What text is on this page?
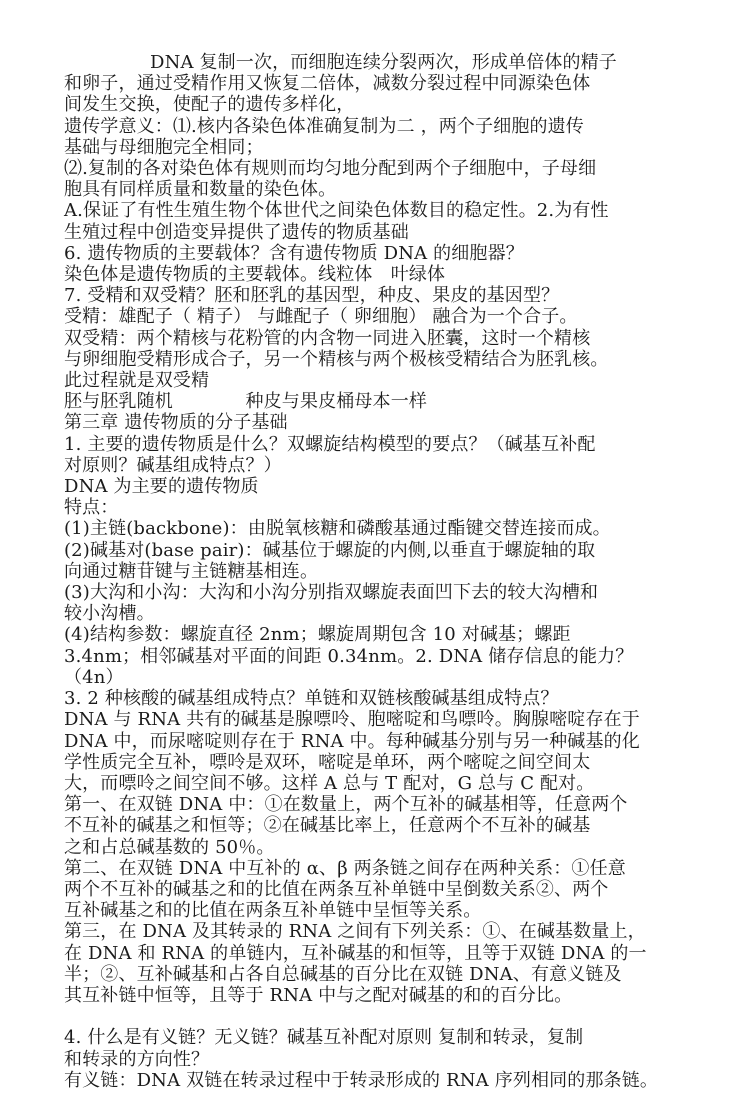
DNA 复制一次，而细胞连续分裂两次，形成单倍体的精子
和卵子，通过受精作用又恢复二倍体，减数分裂过程中同源染色体
间发生交换，使配子的遗传多样化，
遗传学意义：⑴.核内各染色体准确复制为二 ，两个子细胞的遗传
基础与母细胞完全相同；
⑵.复制的各对染色体有规则而均匀地分配到两个子细胞中，子母细
胞具有同样质量和数量的染色体。
A.保证了有性生殖生物个体世代之间染色体数目的稳定性。2.为有性
生殖过程中创造变异提供了遗传的物质基础
6. 遗传物质的主要载体？含有遗传物质 DNA 的细胞器？
染色体是遗传物质的主要载体。线粒体　叶绿体
7. 受精和双受精？胚和胚乳的基因型，种皮、果皮的基因型？
受精：雄配子（ 精子） 与雌配子（ 卵细胞） 融合为一个合子。
双受精：两个精核与花粉管的内含物一同进入胚囊，这时一个精核
与卵细胞受精形成合子，另一个精核与两个极核受精结合为胚乳核。
此过程就是双受精
胚与胚乳随机　　　　种皮与果皮桶母本一样
第三章 遗传物质的分子基础
1. 主要的遗传物质是什么？双螺旋结构模型的要点？（碱基互补配
对原则？碱基组成特点？）
DNA 为主要的遗传物质
特点：
(1)主链(backbone)：由脱氧核糖和磷酸基通过酯键交替连接而成。
(2)碱基对(base pair)：碱基位于螺旋的内侧,以垂直于螺旋轴的取
向通过糖苷键与主链糖基相连。
(3)大沟和小沟：大沟和小沟分别指双螺旋表面凹下去的较大沟槽和
较小沟槽。
(4)结构参数：螺旋直径 2nm；螺旋周期包含 10 对碱基；螺距
3.4nm；相邻碱基对平面的间距 0.34nm。2. DNA 储存信息的能力？
（4n）
3. 2 种核酸的碱基组成特点？单链和双链核酸碱基组成特点？
DNA 与 RNA 共有的碱基是腺嘌呤、胞嘧啶和鸟嘌呤。胸腺嘧啶存在于
DNA 中，而尿嘧啶则存在于 RNA 中。每种碱基分别与另一种碱基的化
学性质完全互补，嘌呤是双环，嘧啶是单环，两个嘧啶之间空间太
大，而嘌呤之间空间不够。这样 A 总与 T 配对，G 总与 C 配对。
第一、在双链 DNA 中：①在数量上，两个互补的碱基相等，任意两个
不互补的碱基之和恒等；②在碱基比率上，任意两个不互补的碱基
之和占总碱基数的 50％。
第二、在双链 DNA 中互补的 α、β 两条链之间存在两种关系：①任意
两个不互补的碱基之和的比值在两条互补单链中呈倒数关系②、两个
互补碱基之和的比值在两条互补单链中呈恒等关系。
第三，在 DNA 及其转录的 RNA 之间有下列关系：①、在碱基数量上，
在 DNA 和 RNA 的单链内，互补碱基的和恒等，且等于双链 DNA 的一
半；②、互补碱基和占各自总碱基的百分比在双链 DNA、有意义链及
其互补链中恒等，且等于 RNA 中与之配对碱基的和的百分比。
4. 什么是有义链？无义链？碱基互补配对原则 复制和转录，复制
和转录的方向性？
有义链：DNA 双链在转录过程中于转录形成的 RNA 序列相同的那条链。
